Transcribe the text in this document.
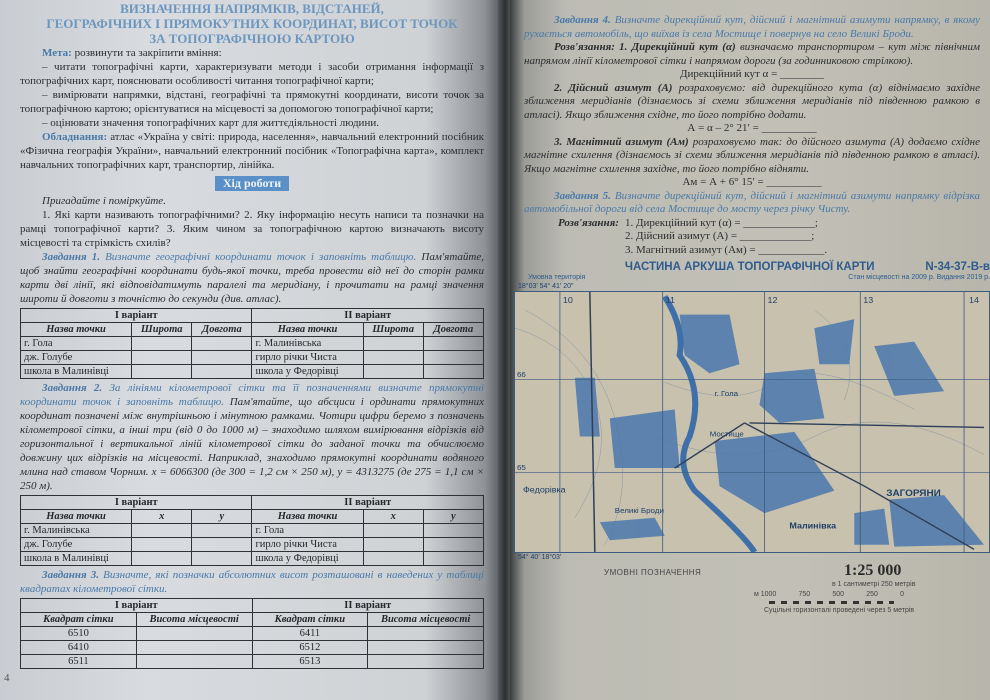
ВИЗНАЧЕННЯ НАПРЯМКІВ, ВІДСТАНЕЙ,
ГЕОГРАФІЧНИХ І ПРЯМОКУТНИХ КООРДИНАТ, ВИСОТ ТОЧОК
ЗА ТОПОГРАФІЧНОЮ КАРТОЮ
Мета: розвинути та закріпити вміння:
– читати топографічні карти, характеризувати методи і засоби отримання інформації з топографічних карт, пояснювати особливості читання топографічної карти;
– вимірювати напрямки, відстані, географічні та прямокутні координати, висоти точок за топографічною картою; орієнтуватися на місцевості за допомогою топографічної карти;
– оцінювати значення топографічних карт для життєдіяльності людини.
Обладнання: атлас «Україна у світі: природа, населення», навчальний електронний посібник «Фізична географія України», навчальний електронний посібник «Топографічна карта», комплект навчальних топографічних карт, транспортир, лінійка.
Хід роботи
Пригадайте і поміркуйте.
1. Які карти називають топографічними? 2. Яку інформацію несуть написи та позначки на рамці топографічної карти? 3. Яким чином за топографічною картою визначають висоту місцевості та стрімкість схилів?
Завдання 1. Визначте географічні координати точок і заповніть таблицю. Пам'ятайте, щоб знайти географічні координати будь-якої точки, треба провести від неї до сторін рамки карти дві лінії, які відповідатимуть паралелі та меридіану, і прочитати на рамці значення широти й довготи з точністю до секунди (див. атлас).
I варіант			II варіант		
Назва точки	Широта	Довгота	Назва точки	Широта	Довгота
г. Гола			г. Малинівська		
дж. Голубе			гирло річки Чиста		
школа в Малинівці			школа у Федорівці		
Завдання 2. За лініями кілометрової сітки та її позначеннями визначте прямокутні координати точок і заповніть таблицю. Пам'ятайте, що абсциси і ординати прямокутних координат позначені між внутрішньою і мінутною рамками. Чотири цифри беремо з позначень кілометрової сітки, а інші три (від 0 до 1000 м) – знаходимо шляхом вимірювання відрізків від горизонтальної і вертикальної ліній кілометрової сітки до заданої точки та обчислюємо довжину цих відрізків на місцевості. Наприклад, знаходимо прямокутні координати водяного млина над ставом Чорним. x = 6066300 (де 300 = 1,2 см × 250 м), y = 4313275 (де 275 = 1,1 см × 250 м).
I варіант			II варіант		
Назва точки	x	y	Назва точки	x	y
г. Малинівська			г. Гола		
дж. Голубе			гирло річки Чиста		
школа в Малинівці			школа у Федорівці		
Завдання 3. Визначте, які позначки абсолютних висот розташовані в наведених у таблиці квадратах кілометрової сітки.
I варіант		II варіант	
Квадрат сітки	Висота місцевості	Квадрат сітки	Висота місцевості
6510		6411	
6410		6512	
6511		6513	
4
Завдання 4. Визначте дирекційний кут, дійсний і магнітний азимути напрямку, в якому рухається автомобіль, що виїхав із села Мостище і повернув на село Великі Броди.
Розв'язання: 1. Дирекційний кут (α) визначаємо транспортиром – кут між північним напрямом лінії кілометрової сітки і напрямом дороги (за годинниковою стрілкою).
Дирекційний кут α = ________
2. Дійсний азимут (А) розраховуємо: від дирекційного кута (α) віднімаємо західне зближення меридіанів (дізнаємось зі схеми зближення меридіанів під південною рамкою в атласі). Якщо зближення східне, то його потрібно додати.
А = α – 2° 21′ = __________
3. Магнітний азимут (Ам) розраховуємо так: до дійсного азимута (А) додаємо східне магнітне схилення (дізнаємось зі схеми зближення меридіанів під південною рамкою в атласі). Якщо магнітне схилення західне, то його потрібно відняти.
Ам = А + 6° 15′ = __________
Завдання 5. Визначте дирекційний кут, дійсний і магнітний азимути напрямку відрізка автомобільної дороги від села Мостище до мосту через річку Чисту.
Розв'язання: 1. Дирекційний кут (α) = _____________;
2. Дійсний азимут (А) = _____________;
3. Магнітний азимут (Ам) = ____________.
ЧАСТИНА АРКУША ТОПОГРАФІЧНОЇ КАРТИ	N-34-37-В-в
Умовна територія	Стан місцевості на 2009 р. Видання 2019 р.
18°03′ 54° 41′ 20″
10	11	12	13	14
66
65
Федорівка
Мостище
Великі Броди
Малинівка
ЗАГОРЯНИ
г. Гола
54° 40′ 18°03′
УМОВНІ ПОЗНАЧЕННЯ	1:25 000
в 1 сантиметрі 250 метрів
м 1000	750	500	250	0
Суцільні горизонталі проведені через 5 метрів
